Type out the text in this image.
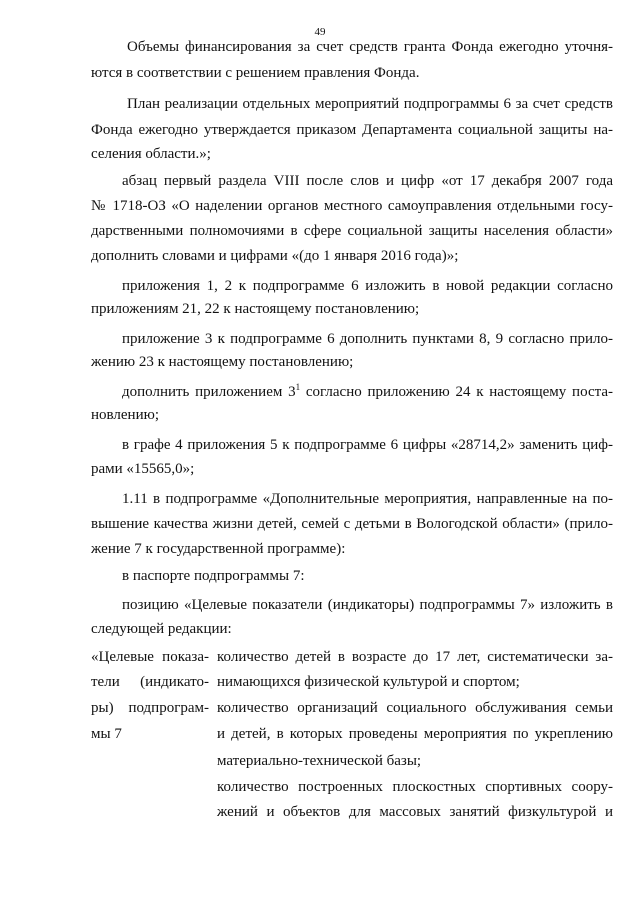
49
Объемы финансирования за счет средств гранта Фонда ежегодно уточня-
ются в соответствии с решением правления Фонда.
План реализации отдельных мероприятий подпрограммы 6 за счет средств
Фонда ежегодно утверждается приказом Департамента социальной защиты на-
селения области.»;
абзац первый раздела VIII после слов и цифр «от 17 декабря 2007 года
№ 1718-ОЗ «О наделении органов местного самоуправления отдельными госу-
дарственными полномочиями в сфере социальной защиты населения области»
дополнить словами и цифрами «(до 1 января 2016 года)»;
приложения 1, 2 к подпрограмме 6 изложить в новой редакции согласно
приложениям 21, 22 к настоящему постановлению;
приложение 3 к подпрограмме 6 дополнить пунктами 8, 9 согласно прило-
жению 23 к настоящему постановлению;
дополнить приложением $3^1$ согласно приложению 24 к настоящему поста-
новлению;
в графе 4 приложения 5 к подпрограмме 6 цифры «28714,2» заменить циф-
рами «15565,0»;
1.11 в подпрограмме «Дополнительные мероприятия, направленные на по-
вышение качества жизни детей, семей с детьми в Вологодской области» (прило-
жение 7 к государственной программе):
в паспорте подпрограммы 7:
позицию «Целевые показатели (индикаторы) подпрограммы 7» изложить в
следующей редакции:
«Целевые показа-
тели (индикато-
ры) подпрограм-
мы 7
количество детей в возрасте до 17 лет, систематически за-
нимающихся физической культурой и спортом;
количество организаций социального обслуживания семьи
и детей, в которых проведены мероприятия по укреплению
материально-технической базы;
количество построенных плоскостных спортивных соору-
жений и объектов для массовых занятий физкультурой и
